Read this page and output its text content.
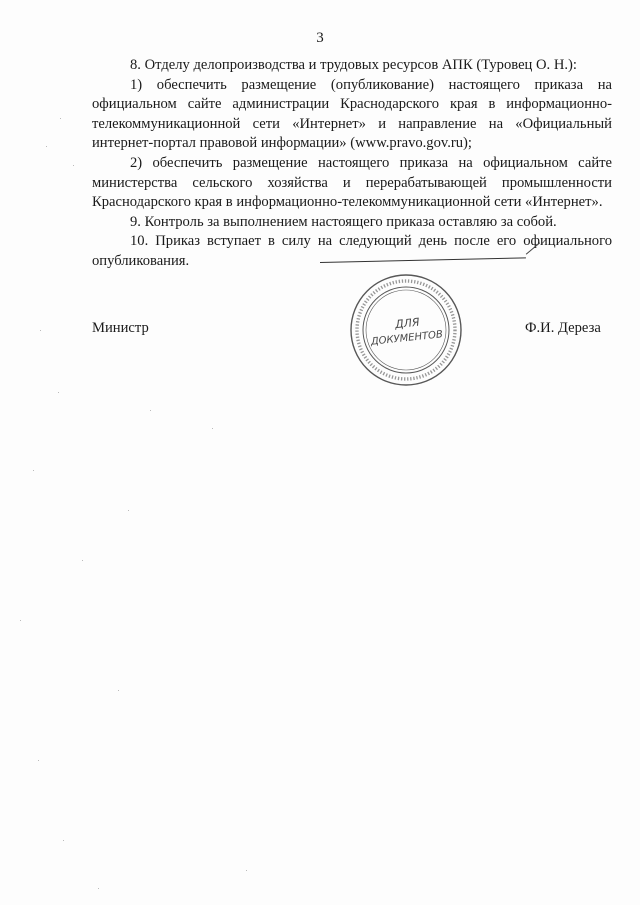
3

8. Отделу делопроизводства и трудовых ресурсов АПК (Туровец О. Н.):

1) обеспечить размещение (опубликование) настоящего приказа на официальном сайте администрации Краснодарского края в информационно-телекоммуникационной сети «Интернет» и направление на «Официальный интернет-портал правовой информации» (www.pravo.gov.ru);

2) обеспечить размещение настоящего приказа на официальном сайте министерства сельского хозяйства и перерабатывающей промышленности Краснодарского края в информационно-телекоммуникационной сети «Интернет».

9. Контроль за выполнением настоящего приказа оставляю за собой.

10. Приказ вступает в силу на следующий день после его официального опубликования.

Министр	Ф.И. Дереза
ДЛЯ
ДОКУМЕНТОВ
